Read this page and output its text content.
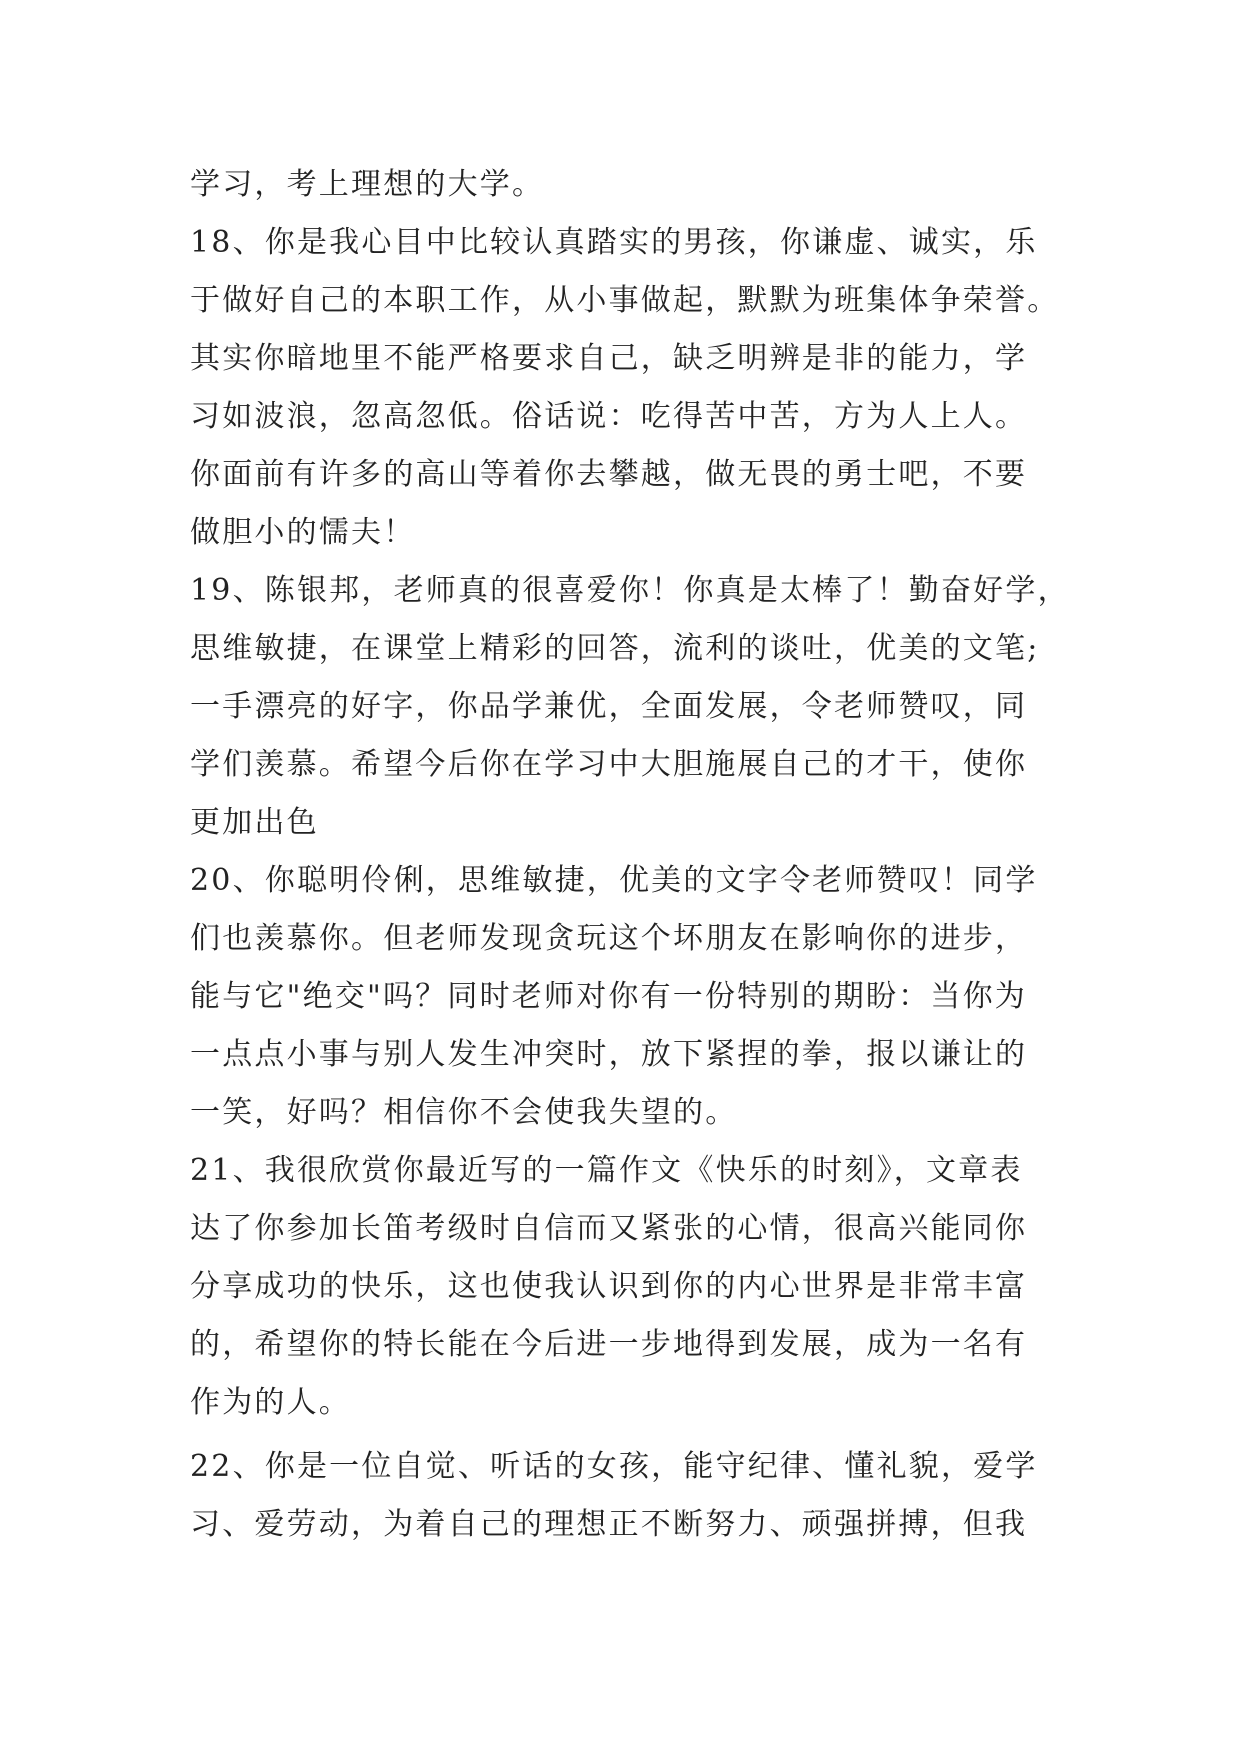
学习，考上理想的大学。
18、你是我心目中比较认真踏实的男孩，你谦虚、诚实，乐
于做好自己的本职工作，从小事做起，默默为班集体争荣誉。
其实你暗地里不能严格要求自己，缺乏明辨是非的能力，学
习如波浪，忽高忽低。俗话说：吃得苦中苦，方为人上人。
你面前有许多的高山等着你去攀越，做无畏的勇士吧，不要
做胆小的懦夫！
19、陈银邦，老师真的很喜爱你！你真是太棒了！勤奋好学，
思维敏捷，在课堂上精彩的回答，流利的谈吐，优美的文笔;
一手漂亮的好字，你品学兼优，全面发展，令老师赞叹，同
学们羡慕。希望今后你在学习中大胆施展自己的才干，使你
更加出色
20、你聪明伶俐，思维敏捷，优美的文字令老师赞叹！同学
们也羡慕你。但老师发现贪玩这个坏朋友在影响你的进步，
能与它"绝交"吗？同时老师对你有一份特别的期盼：当你为
一点点小事与别人发生冲突时，放下紧捏的拳，报以谦让的
一笑，好吗？相信你不会使我失望的。
21、我很欣赏你最近写的一篇作文《快乐的时刻》，文章表
达了你参加长笛考级时自信而又紧张的心情，很高兴能同你
分享成功的快乐，这也使我认识到你的内心世界是非常丰富
的，希望你的特长能在今后进一步地得到发展，成为一名有
作为的人。
22、你是一位自觉、听话的女孩，能守纪律、懂礼貌，爱学
习、爱劳动，为着自己的理想正不断努力、顽强拼搏，但我
